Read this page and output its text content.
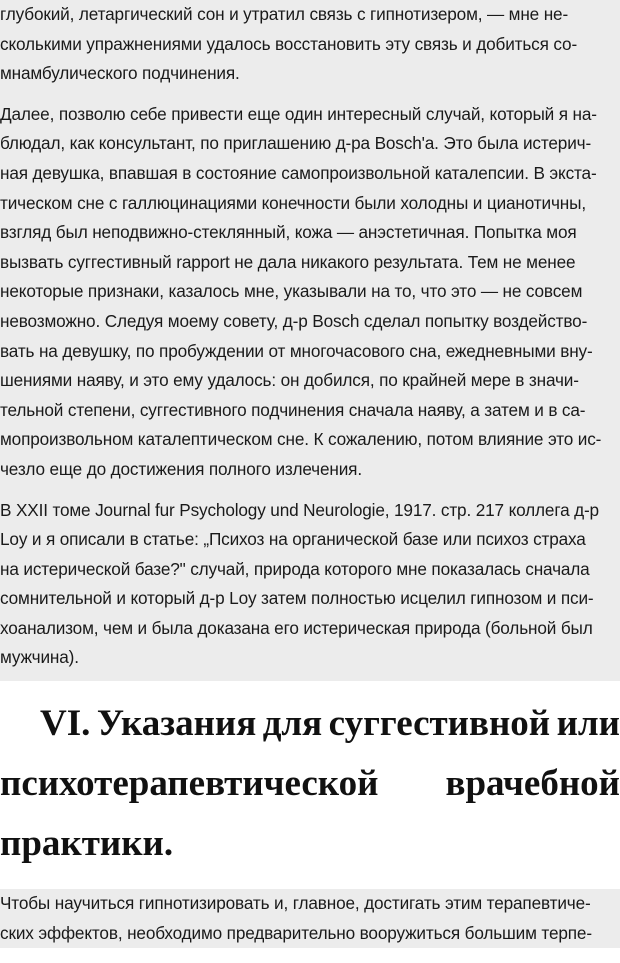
глубокий, летаргический сон и утратил связь с гипнотизером, — мне не-
сколькими упражнениями удалось восстановить эту связь и добиться со-
мнамбулического подчинения.

Далее, позволю себе привести еще один интересный случай, который я на-
блюдал, как консультант, по приглашению д-ра Bosch'a. Это была истерич-
ная девушка, впавшая в состояние самопроизвольной каталепсии. В экста-
тическом сне с галлюцинациями конечности были холодны и цианотичны,
взгляд был неподвижно-стеклянный, кожа — анэстетичная. Попытка моя
вызвать суггестивный rapport не дала никакого результата. Тем не менее
некоторые признаки, казалось мне, указывали на то, что это — не совсем
невозможно. Следуя моему совету, д-р Bosch сделал попытку воздейство-
вать на девушку, по пробуждении от многочасового сна, ежедневными вну-
шениями наяву, и это ему удалось: он добился, по крайней мере в значи-
тельной степени, суггестивного подчинения сначала наяву, а затем и в са-
мопроизвольном каталептическом сне. К сожалению, потом влияние это ис-
чезло еще до достижения полного излечения.

В XXII томе Journal fur Psychology und Neurologie, 1917. стр. 217 коллега д-р
Loy и я описали в статье: „Психоз на органической базе или психоз страха
на истерической базе?" случай, природа которого мне показалась сначала
сомнительной и который д-р Loy затем полностью исцелил гипнозом и пси-
хоанализом, чем и была доказана его истерическая природа (больной был
мужчина).

VI. Указания для суггестивной или
психотерапевтической врачебной
практики.

Чтобы научиться гипнотизировать и, главное, достигать этим терапевтиче-
ских эффектов, необходимо предварительно вооружиться большим терпе-
